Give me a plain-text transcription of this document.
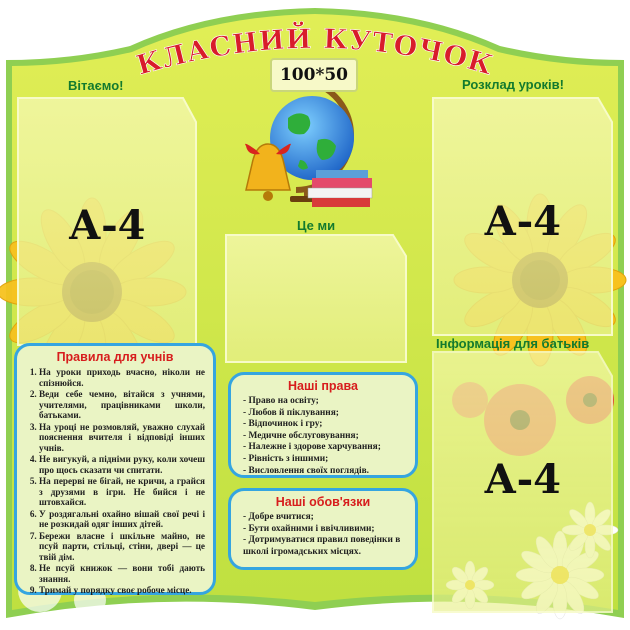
КЛАСНИЙ КУТОЧОК
100*50
Вітаємо!	Розклад уроків!
Це ми
Інформація для батьків
А-4	А-4
А-4
Правила для учнів
1. На уроки приходь вчасно, ніколи не спізнюйся.
2. Веди себе чемно, вітайся з учнями, учителями, працівниками школи, батьками.
3. На уроці не розмовляй, уважно слухай пояснення вчителя і відповіді інших учнів.
4. Не вигукуй, а підніми руку, коли хочеш про щось сказати чи спитати.
5. На перерві не бігай, не кричи, а грайся з друзями в ігри. Не бийся і не штовхайся.
6. У роздягальні охайно вішай свої речі і не розкидай одяг інших дітей.
7. Бережи власне і шкільне майно, не псуй парти, стільці, стіни, двері — це твій дім.
8. Не псуй книжок — вони тобі дають знання.
9. Тримай у порядку своє робоче місце.
Наші права
- Право на освіту;
- Любов й піклування;
- Відпочинок і гру;
- Медичне обслуговування;
- Належне і здорове харчування;
- Рівність з іншими;
- Висловлення своїх поглядів.
Наші обов'язки
- Добре вчитися;
- Бути охайними і ввічливими;
- Дотримуватися правил поведінки в школі ігромадських місцях.
